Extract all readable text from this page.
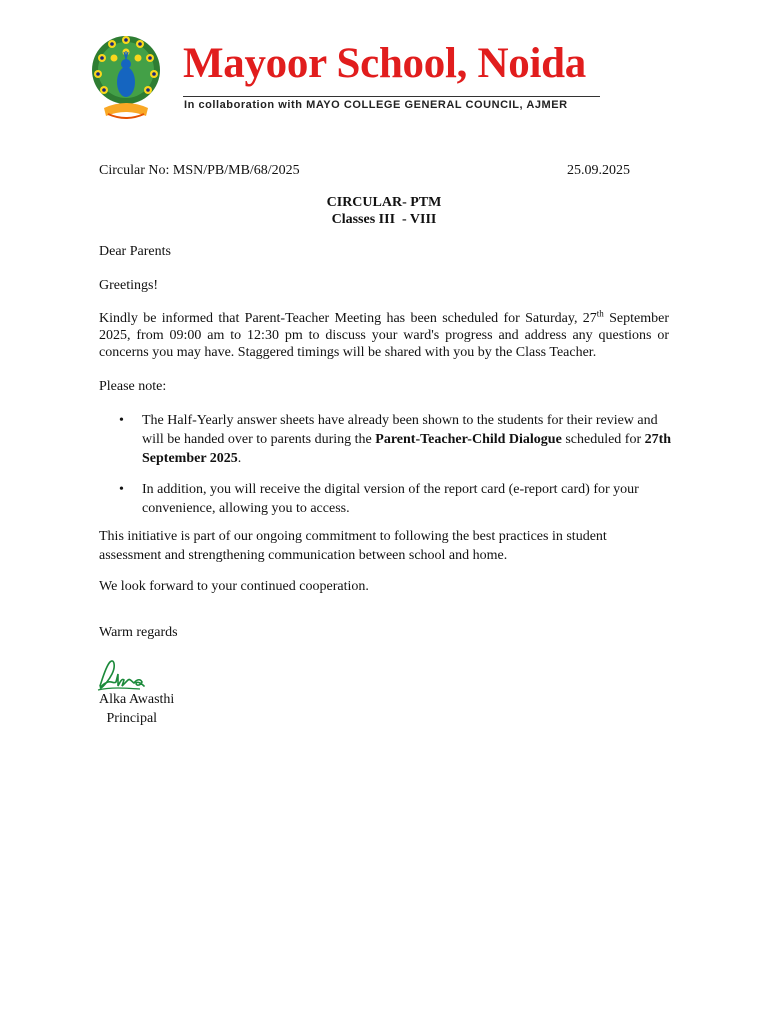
Mayoor School, Noida
In collaboration with MAYO COLLEGE GENERAL COUNCIL, AJMER
Circular No: MSN/PB/MB/68/2025	25.09.2025
CIRCULAR- PTM
Classes III  - VIII
Dear Parents
Greetings!
Kindly be informed that Parent-Teacher Meeting has been scheduled for Saturday, 27th September 2025, from 09:00 am to 12:30 pm to discuss your ward's progress and address any questions or concerns you may have. Staggered timings will be shared with you by the Class Teacher.
Please note:
• The Half-Yearly answer sheets have already been shown to the students for their review and will be handed over to parents during the Parent-Teacher-Child Dialogue scheduled for 27th September 2025.
• In addition, you will receive the digital version of the report card (e-report card) for your convenience, allowing you to access.
This initiative is part of our ongoing commitment to following the best practices in student assessment and strengthening communication between school and home.
We look forward to your continued cooperation.
Warm regards
Alka Awasthi
Principal
